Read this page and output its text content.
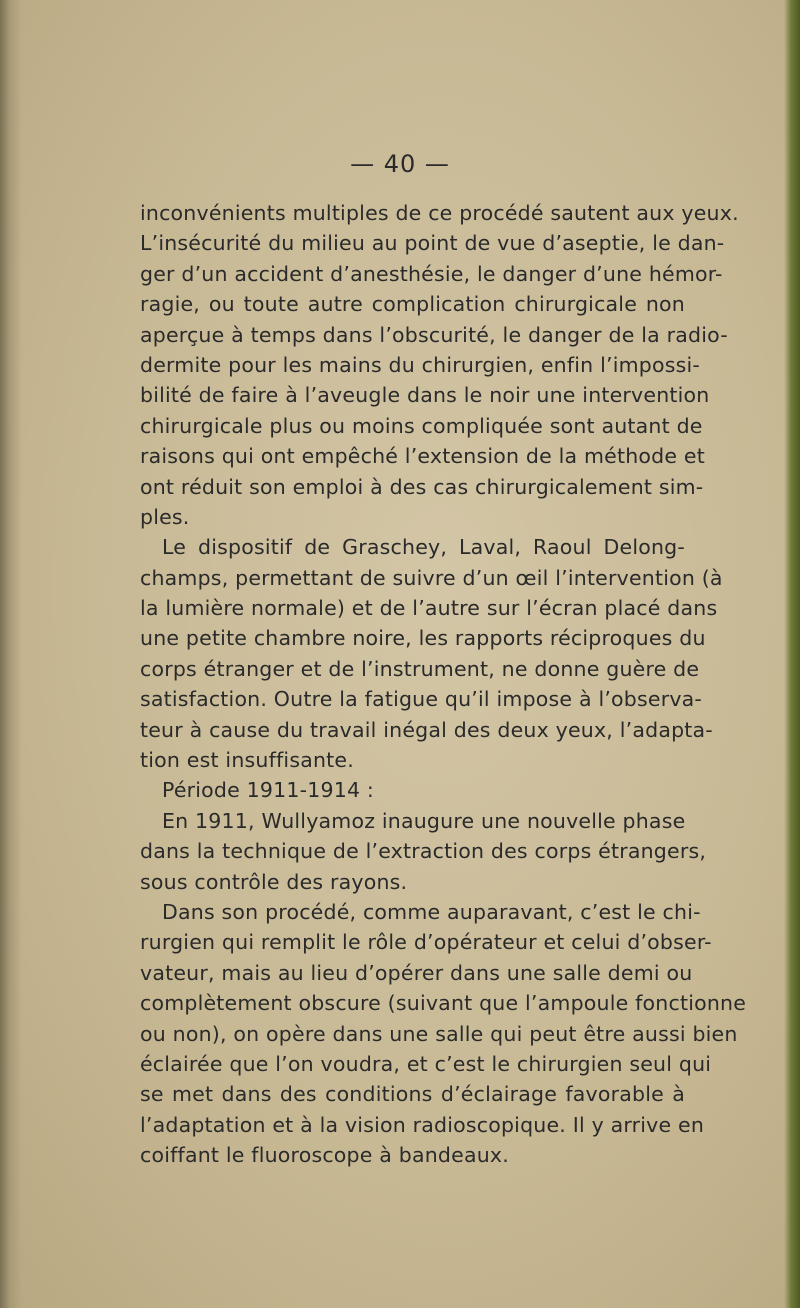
— 40 —
inconvénients multiples de ce procédé sautent aux yeux.
L’insécurité du milieu au point de vue d’aseptie, le dan-
ger d’un accident d’anesthésie, le danger d’une hémor-
ragie, ou toute autre complication chirurgicale non
aperçue à temps dans l’obscurité, le danger de la radio-
dermite pour les mains du chirurgien, enfin l’impossi-
bilité de faire à l’aveugle dans le noir une intervention
chirurgicale plus ou moins compliquée sont autant de
raisons qui ont empêché l’extension de la méthode et
ont réduit son emploi à des cas chirurgicalement sim-
ples.
Le dispositif de Graschey, Laval, Raoul Delong-
champs, permettant de suivre d’un œil l’intervention (à
la lumière normale) et de l’autre sur l’écran placé dans
une petite chambre noire, les rapports réciproques du
corps étranger et de l’instrument, ne donne guère de
satisfaction. Outre la fatigue qu’il impose à l’observa-
teur à cause du travail inégal des deux yeux, l’adapta-
tion est insuffisante.
Période 1911-1914 :
En 1911, Wullyamoz inaugure une nouvelle phase
dans la technique de l’extraction des corps étrangers,
sous contrôle des rayons.
Dans son procédé, comme auparavant, c’est le chi-
rurgien qui remplit le rôle d’opérateur et celui d’obser-
vateur, mais au lieu d’opérer dans une salle demi ou
complètement obscure (suivant que l’ampoule fonctionne
ou non), on opère dans une salle qui peut être aussi bien
éclairée que l’on voudra, et c’est le chirurgien seul qui
se met dans des conditions d’éclairage favorable à
l’adaptation et à la vision radioscopique. Il y arrive en
coiffant le fluoroscope à bandeaux.
